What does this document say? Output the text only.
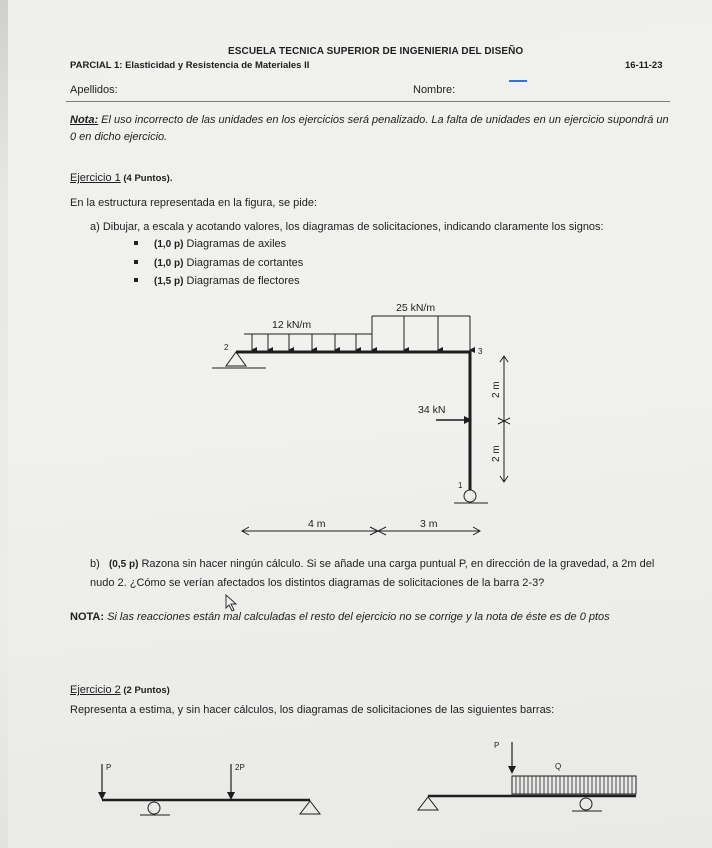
ESCUELA TECNICA SUPERIOR DE INGENIERIA DEL DISEÑO
PARCIAL 1: Elasticidad y Resistencia de Materiales II	16-11-23
Apellidos:	Nombre:
Nota: El uso incorrecto de las unidades en los ejercicios será penalizado. La falta de unidades en un ejercicio supondrá un 0 en dicho ejercicio.
Ejercicio 1 (4 Puntos).
En la estructura representada en la figura, se pide:
a) Dibujar, a escala y acotando valores, los diagramas de solicitaciones, indicando claramente los signos:
(1,0 p) Diagramas de axiles
(1,0 p) Diagramas de cortantes
(1,5 p) Diagramas de flectores
12 kN/m
25 kN/m
2	3
1
34 kN
2 m
2 m
4 m	3 m
b) (0,5 p) Razona sin hacer ningún cálculo. Si se añade una carga puntual P, en dirección de la gravedad, a 2m del nudo 2. ¿Cómo se verían afectados los distintos diagramas de solicitaciones de la barra 2-3?
NOTA: Si las reacciones están mal calculadas el resto del ejercicio no se corrige y la nota de éste es de 0 ptos
Ejercicio 2 (2 Puntos)
Representa a estima, y sin hacer cálculos, los diagramas de solicitaciones de las siguientes barras:
P	2P
P
Q
